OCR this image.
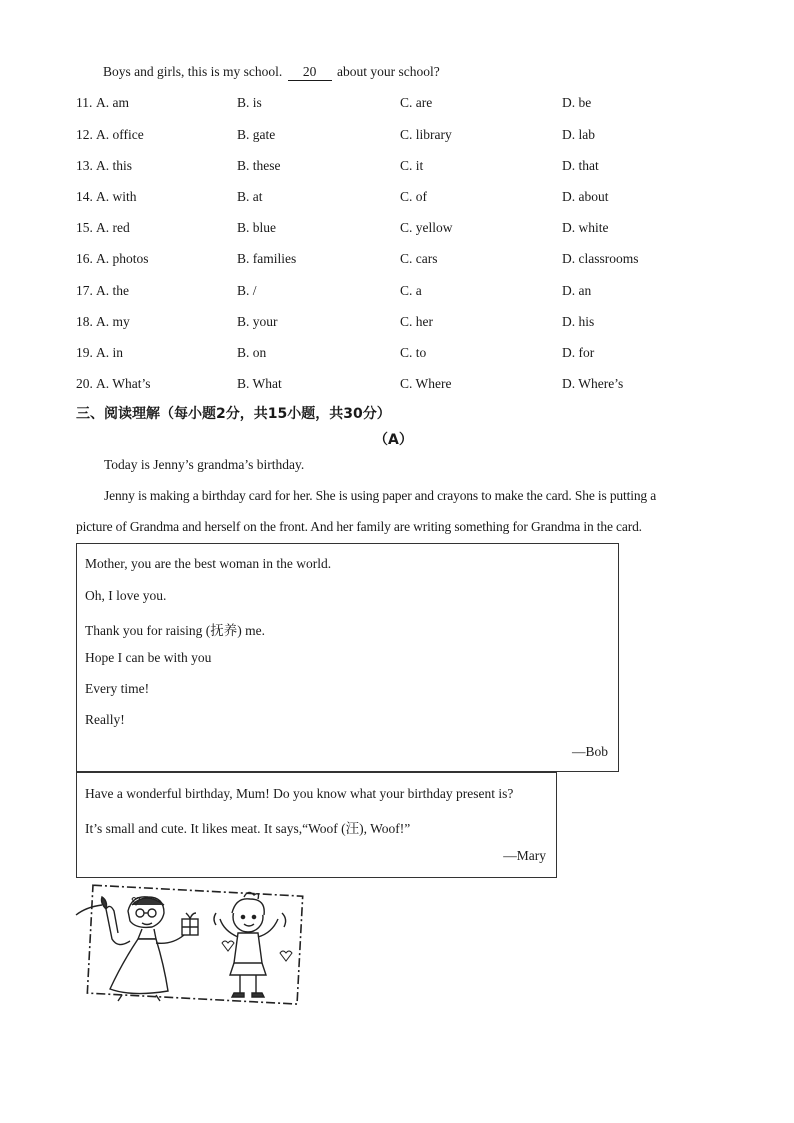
Boys and girls, this is my school. 20 about your school?
11. A. am	B. is	C. are	D. be
12. A. office	B. gate	C. library	D. lab
13. A. this	B. these	C. it	D. that
14. A. with	B. at	C. of	D. about
15. A. red	B. blue	C. yellow	D. white
16. A. photos	B. families	C. cars	D. classrooms
17. A. the	B. /	C. a	D. an
18. A. my	B. your	C. her	D. his
19. A. in	B. on	C. to	D. for
20. A. What’s	B. What	C. Where	D. Where’s
三、阅读理解（每小题2分，共15小题，共30分）
（A）
Today is Jenny’s grandma’s birthday.
Jenny is making a birthday card for her. She is using paper and crayons to make the card. She is putting a
picture of Grandma and herself on the front. And her family are writing something for Grandma in the card.
Mother, you are the best woman in the world.
Oh, I love you.
Thank you for raising (抚养) me.
Hope I can be with you
Every time!
Really!
—Bob
Have a wonderful birthday, Mum! Do you know what your birthday present is?
It’s small and cute. It likes meat. It says,“Woof (汪), Woof!”
—Mary
